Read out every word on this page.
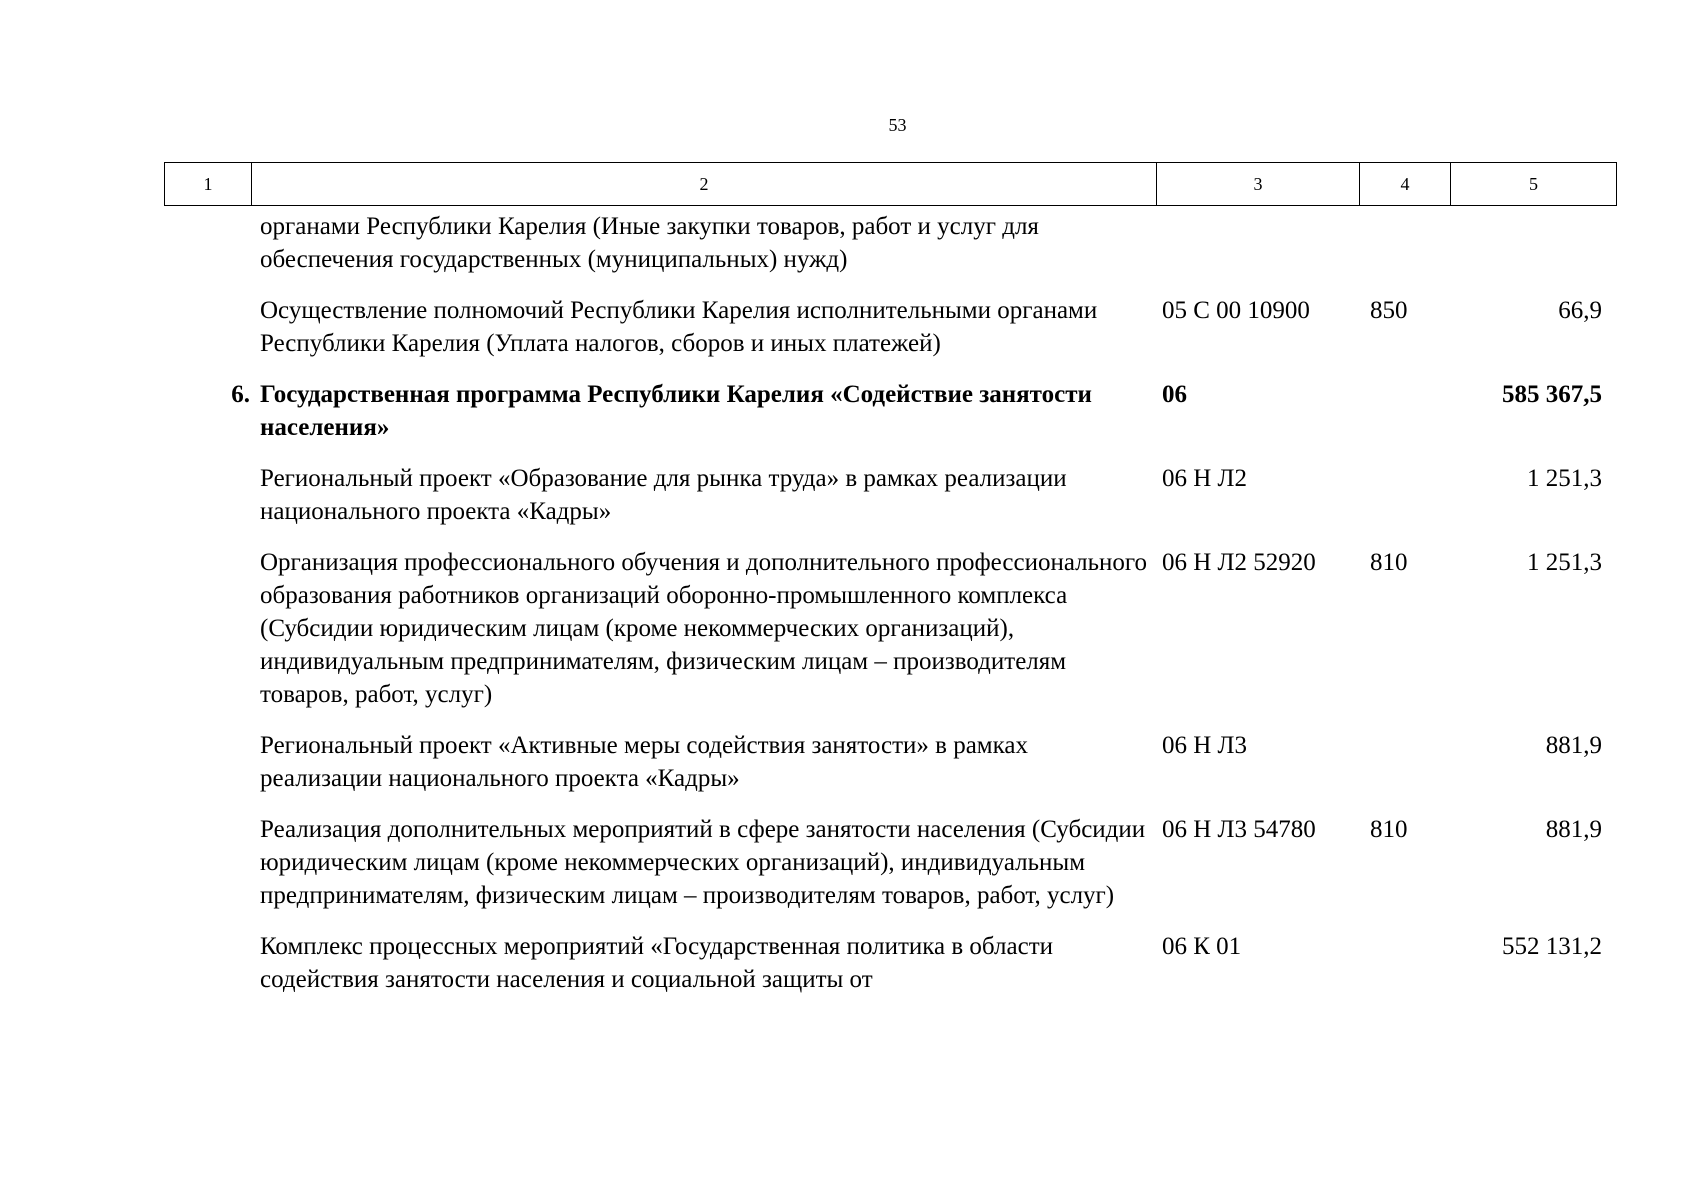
53
1	2	3	4	5
	органами Республики Карелия (Иные закупки товаров, работ и услуг для обеспечения государственных (муниципальных) нужд)			
	Осуществление полномочий Республики Карелия исполнительными органами Республики Карелия (Уплата налогов, сборов и иных платежей)	05 С 00 10900	850	66,9
6.	Государственная программа Республики Карелия «Содействие занятости населения»	06		585 367,5
	Региональный проект «Образование для рынка труда» в рамках реализации национального проекта «Кадры»	06 Н Л2		1 251,3
	Организация профессионального обучения и дополнительного профессионального образования работников организаций оборонно-промышленного комплекса (Субсидии юридическим лицам (кроме некоммерческих организаций), индивидуальным предпринимателям, физическим лицам – производителям товаров, работ, услуг)	06 Н Л2 52920	810	1 251,3
	Региональный проект «Активные меры содействия занятости» в рамках реализации национального проекта «Кадры»	06 Н Л3		881,9
	Реализация дополнительных мероприятий в сфере занятости населения (Субсидии юридическим лицам (кроме некоммерческих организаций), индивидуальным предпринимателям, физическим лицам – производителям товаров, работ, услуг)	06 Н Л3 54780	810	881,9
	Комплекс процессных мероприятий «Государственная политика в области содействия занятости населения и социальной защиты от	06 К 01		552 131,2
